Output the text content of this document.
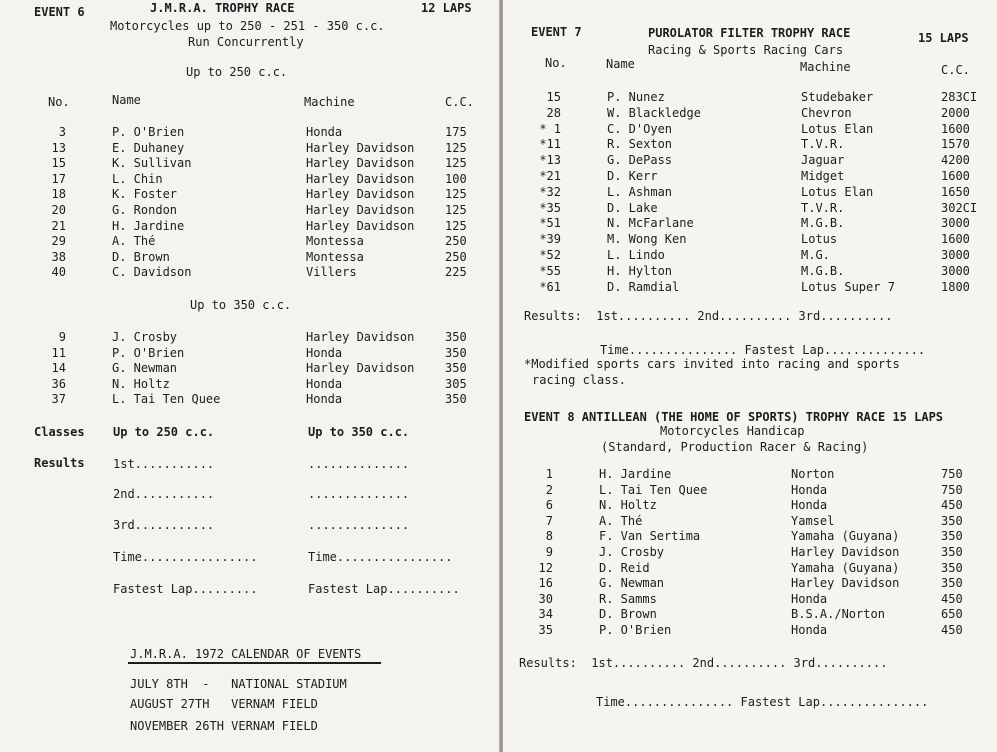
EVENT 6	J.M.R.A. TROPHY RACE	12 LAPS
Motorcycles up to 250 - 251 - 350 c.c.
Run Concurrently
Up to 250 c.c.
No.	Name	Machine	C.C.
3	P. O'Brien	Honda	175
13	E. Duhaney	Harley Davidson	125
15	K. Sullivan	Harley Davidson	125
17	L. Chin	Harley Davidson	100
18	K. Foster	Harley Davidson	125
20	G. Rondon	Harley Davidson	125
21	H. Jardine	Harley Davidson	125
29	A. Thé	Montessa	250
38	D. Brown	Montessa	250
40	C. Davidson	Villers	225
Up to 350 c.c.
9	J. Crosby	Harley Davidson	350
11	P. O'Brien	Honda	350
14	G. Newman	Harley Davidson	350
36	N. Holtz	Honda	305
37	L. Tai Ten Quee	Honda	350
Classes Up to 250 c.c.	Up to 350 c.c.
Results 1st...........	..............
2nd...........	..............
3rd...........	..............
Time................	Time................
Fastest Lap.........	Fastest Lap..........
J.M.R.A. 1972 CALENDAR OF EVENTS
JULY 8TH  -   NATIONAL STADIUM
AUGUST 27TH   VERNAM FIELD
NOVEMBER 26TH VERNAM FIELD
EVENT 7	PUROLATOR FILTER TROPHY RACE	15 LAPS
Racing & Sports Racing Cars
No.	Name	Machine	C.C.
15	P. Nunez	Studebaker	283CI
28	W. Blackledge	Chevron	2000
* 1	C. D'Oyen	Lotus Elan	1600
*11	R. Sexton	T.V.R.	1570
*13	G. DePass	Jaguar	4200
*21	D. Kerr	Midget	1600
*32	L. Ashman	Lotus Elan	1650
*35	D. Lake	T.V.R.	302CI
*51	N. McFarlane	M.G.B.	3000
*39	M. Wong Ken	Lotus	1600
*52	L. Lindo	M.G.	3000
*55	H. Hylton	M.G.B.	3000
*61	D. Ramdial	Lotus Super 7	1800
Results:  1st.......... 2nd.......... 3rd..........
Time............... Fastest Lap..............
*Modified sports cars invited into racing and sports
racing class.
EVENT 8 ANTILLEAN (THE HOME OF SPORTS) TROPHY RACE 15 LAPS
Motorcycles Handicap
(Standard, Production Racer & Racing)
1	H. Jardine	Norton	750
2	L. Tai Ten Quee	Honda	750
6	N. Holtz	Honda	450
7	A. Thé	Yamsel	350
8	F. Van Sertima	Yamaha (Guyana)	350
9	J. Crosby	Harley Davidson	350
12	D. Reid	Yamaha (Guyana)	350
16	G. Newman	Harley Davidson	350
30	R. Samms	Honda	450
34	D. Brown	B.S.A./Norton	650
35	P. O'Brien	Honda	450
Results:  1st.......... 2nd.......... 3rd..........
Time............... Fastest Lap...............
